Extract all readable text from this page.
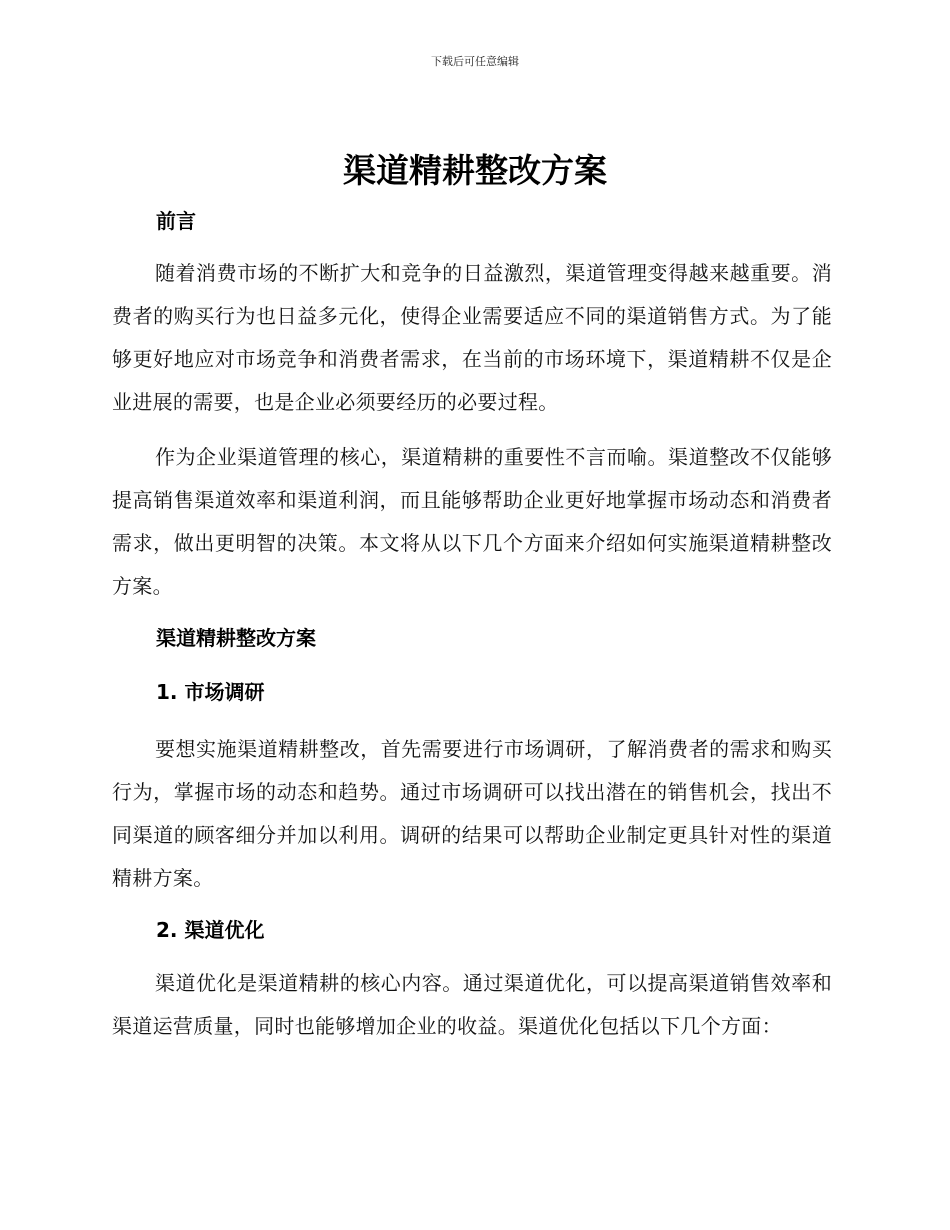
下载后可任意编辑
渠道精耕整改方案
前言

随着消费市场的不断扩大和竞争的日益激烈，渠道管理变得越来越重要。消费者的购买行为也日益多元化，使得企业需要适应不同的渠道销售方式。为了能够更好地应对市场竞争和消费者需求，在当前的市场环境下，渠道精耕不仅是企业进展的需要，也是企业必须要经历的必要过程。

作为企业渠道管理的核心，渠道精耕的重要性不言而喻。渠道整改不仅能够提高销售渠道效率和渠道利润，而且能够帮助企业更好地掌握市场动态和消费者需求，做出更明智的决策。本文将从以下几个方面来介绍如何实施渠道精耕整改方案。

渠道精耕整改方案
1. 市场调研

要想实施渠道精耕整改，首先需要进行市场调研，了解消费者的需求和购买行为，掌握市场的动态和趋势。通过市场调研可以找出潜在的销售机会，找出不同渠道的顾客细分并加以利用。调研的结果可以帮助企业制定更具针对性的渠道精耕方案。

2. 渠道优化

渠道优化是渠道精耕的核心内容。通过渠道优化，可以提高渠道销售效率和渠道运营质量，同时也能够增加企业的收益。渠道优化包括以下几个方面：
